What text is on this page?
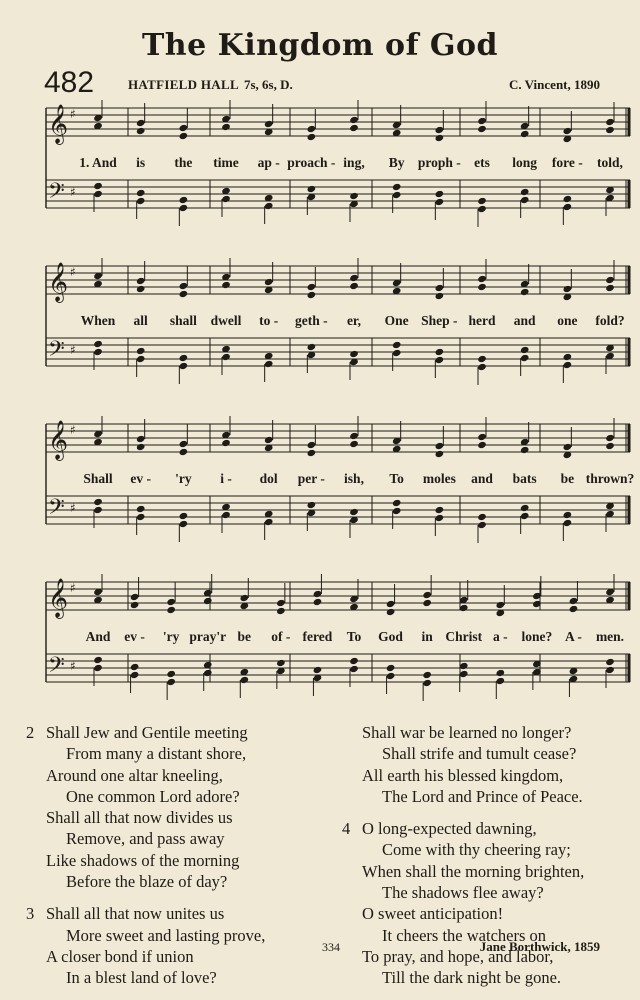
The Kingdom of God
482	HATFIELD HALL 7s, 6s, D.	C. Vincent, 1890
𝄞 ♯
𝄢 ♯
1. And is the time ap - proach - ing, By proph - ets long fore - told,
𝄞 ♯
𝄢 ♯
When all shall dwell to - geth - er, One Shep - herd and one fold?
𝄞 ♯
𝄢 ♯
Shall ev - 'ry i - dol per - ish, To moles and bats be thrown?
𝄞 ♯
𝄢 ♯
And ev - 'ry pray'r be of - fered To God in Christ a - lone? A - men.
2 Shall Jew and Gentile meeting
From many a distant shore,
Around one altar kneeling,
One common Lord adore?
Shall all that now divides us
Remove, and pass away
Like shadows of the morning
Before the blaze of day?
3 Shall all that now unites us
More sweet and lasting prove,
A closer bond if union
In a blest land of love?
Shall war be learned no longer?
Shall strife and tumult cease?
All earth his blessed kingdom,
The Lord and Prince of Peace.
4 O long-expected dawning,
Come with thy cheering ray;
When shall the morning brighten,
The shadows flee away?
O sweet anticipation!
It cheers the watchers on
To pray, and hope, and labor,
Till the dark night be gone.
334	Jane Borthwick, 1859
